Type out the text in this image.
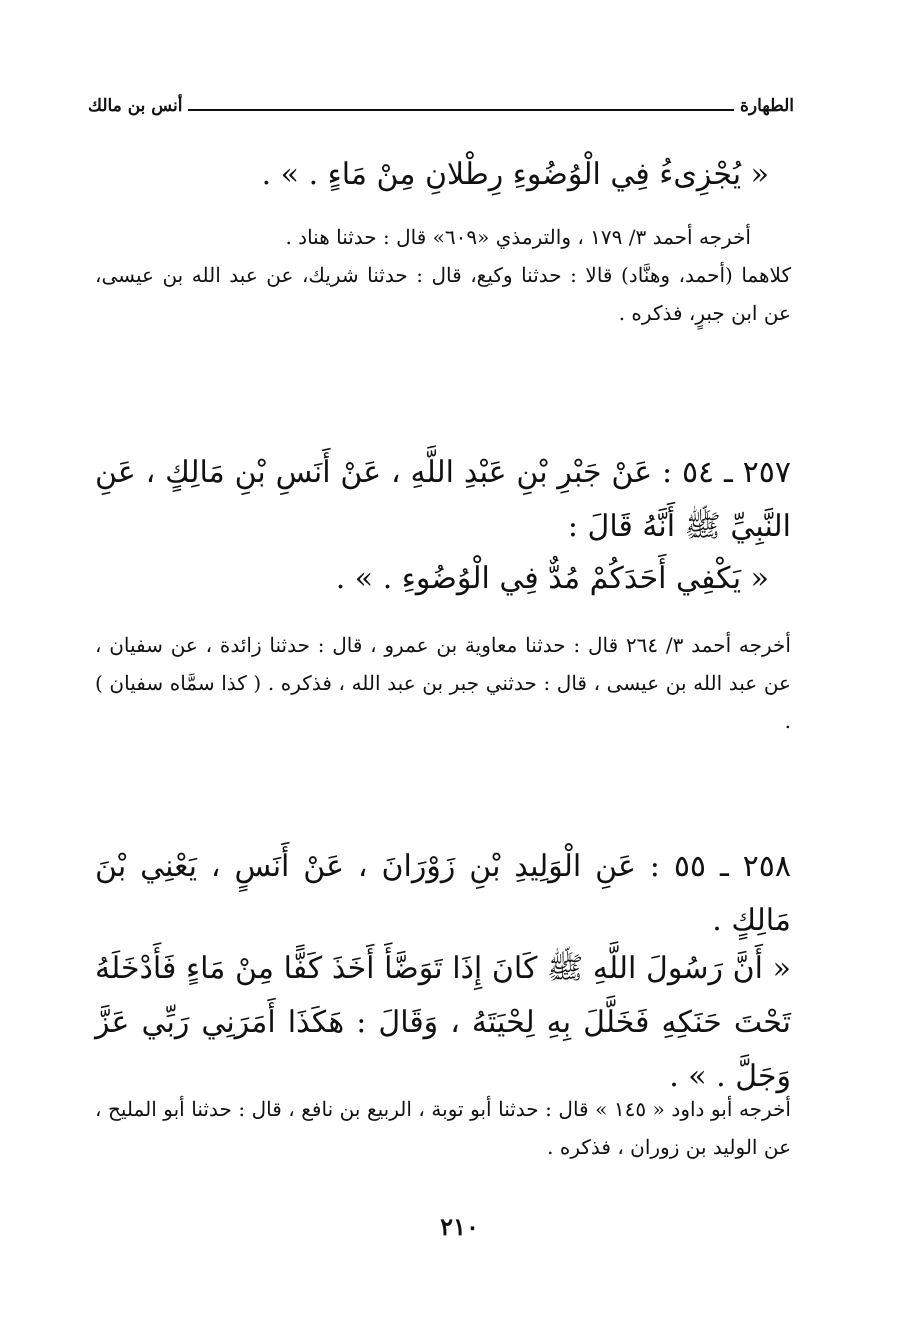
الطهارة
أنس بن مالك
« يُجْزِىءُ فِي الْوُضُوءِ رِطْلانِ مِنْ مَاءٍ . » .
أخرجه أحمد ٣/ ١٧٩ ، والترمذي «٦٠٩» قال : حدثنا هناد .
كلاهما (أحمد، وهنَّاد) قالا : حدثنا وكيع، قال : حدثنا شريك، عن عبد الله بن عيسى، عن ابن جبرٍ، فذكره .
٢٥٧ ـ ٥٤ : عَنْ جَبْرِ بْنِ عَبْدِ اللَّهِ ، عَنْ أَنَسِ بْنِ مَالِكٍ ، عَنِ النَّبِيِّ ﷺ أَنَّهُ قَالَ :
« يَكْفِي أَحَدَكُمْ مُدٌّ فِي الْوُضُوءِ . » .
أخرجه أحمد ٣/ ٢٦٤ قال : حدثنا معاوية بن عمرو ، قال : حدثنا زائدة ، عن سفيان ، عن عبد الله بن عيسى ، قال : حدثني جبر بن عبد الله ، فذكره . ( كذا سمَّاه سفيان ) .
٢٥٨ ـ ٥٥ : عَنِ الْوَلِيدِ بْنِ زَوْرَانَ ، عَنْ أَنَسٍ ، يَعْنِي بْنَ مَالِكٍ .
« أَنَّ رَسُولَ اللَّهِ ﷺ كَانَ إِذَا تَوَضَّأَ أَخَذَ كَفًّا مِنْ مَاءٍ فَأَدْخَلَهُ تَحْتَ حَنَكِهِ فَخَلَّلَ بِهِ لِحْيَتَهُ ، وَقَالَ : هَكَذَا أَمَرَنِي رَبِّي عَزَّ وَجَلَّ . » .
أخرجه أبو داود « ١٤٥ » قال : حدثنا أبو توبة ، الربيع بن نافع ، قال : حدثنا أبو المليح ، عن الوليد بن زوران ، فذكره .
٢١٠
